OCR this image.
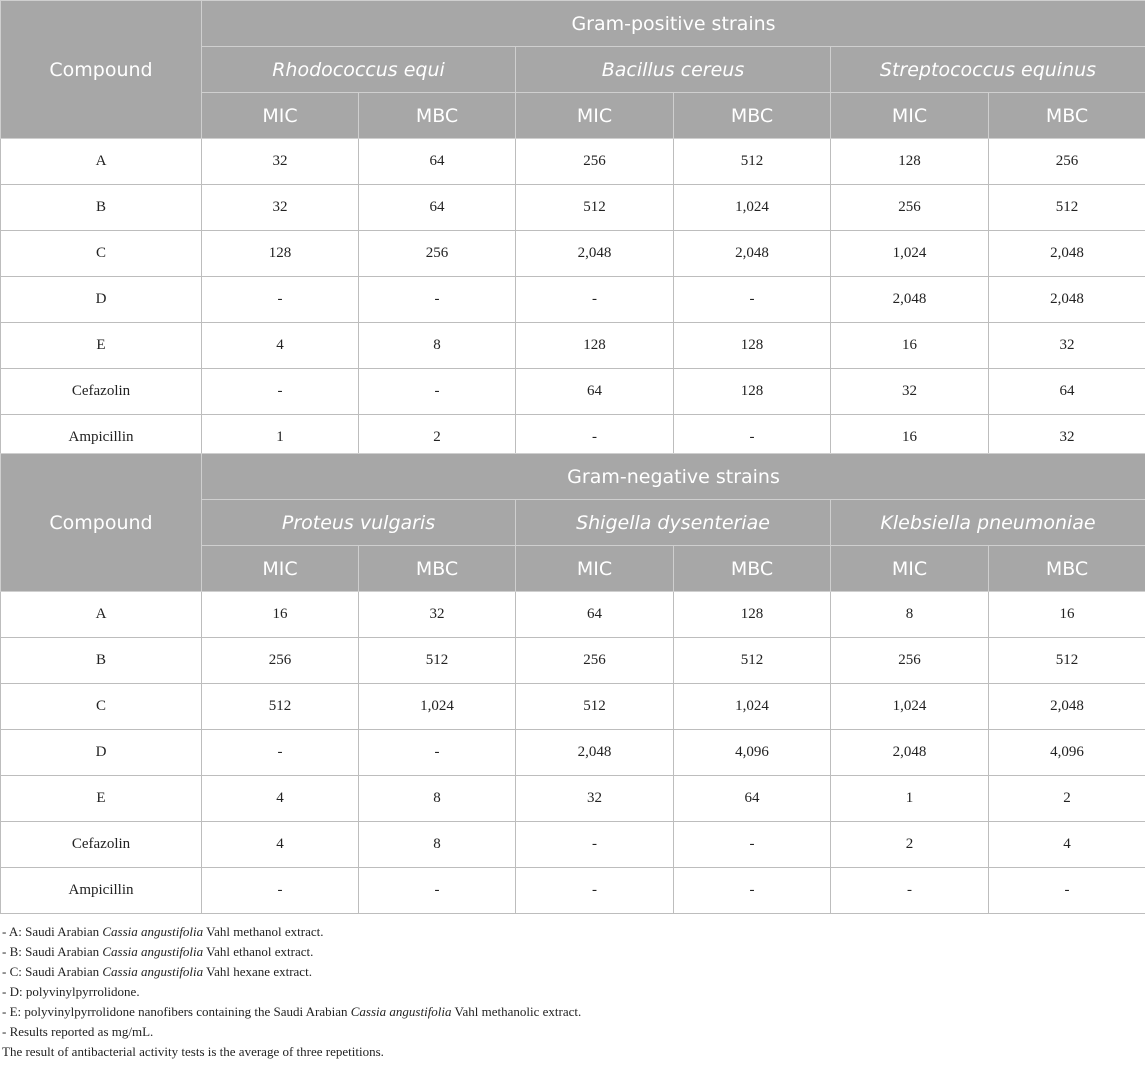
Compound	Gram-positive strains					
	Rhodococcus equi		Bacillus cereus		Streptococcus equinus	
	MIC	MBC	MIC	MBC	MIC	MBC
A	32	64	256	512	128	256
B	32	64	512	1,024	256	512
C	128	256	2,048	2,048	1,024	2,048
D	-	-	-	-	2,048	2,048
E	4	8	128	128	16	32
Cefazolin	-	-	64	128	32	64
Ampicillin	1	2	-	-	16	32
Compound	Gram-negative strains					
	Proteus vulgaris		Shigella dysenteriae		Klebsiella pneumoniae	
	MIC	MBC	MIC	MBC	MIC	MBC
A	16	32	64	128	8	16
B	256	512	256	512	256	512
C	512	1,024	512	1,024	1,024	2,048
D	-	-	2,048	4,096	2,048	4,096
E	4	8	32	64	1	2
Cefazolin	4	8	-	-	2	4
Ampicillin	-	-	-	-	-	-
- A: Saudi Arabian Cassia angustifolia Vahl methanol extract.
- B: Saudi Arabian Cassia angustifolia Vahl ethanol extract.
- C: Saudi Arabian Cassia angustifolia Vahl hexane extract.
- D: polyvinylpyrrolidone.
- E: polyvinylpyrrolidone nanofibers containing the Saudi Arabian Cassia angustifolia Vahl methanolic extract.
- Results reported as mg/mL.
The result of antibacterial activity tests is the average of three repetitions.
